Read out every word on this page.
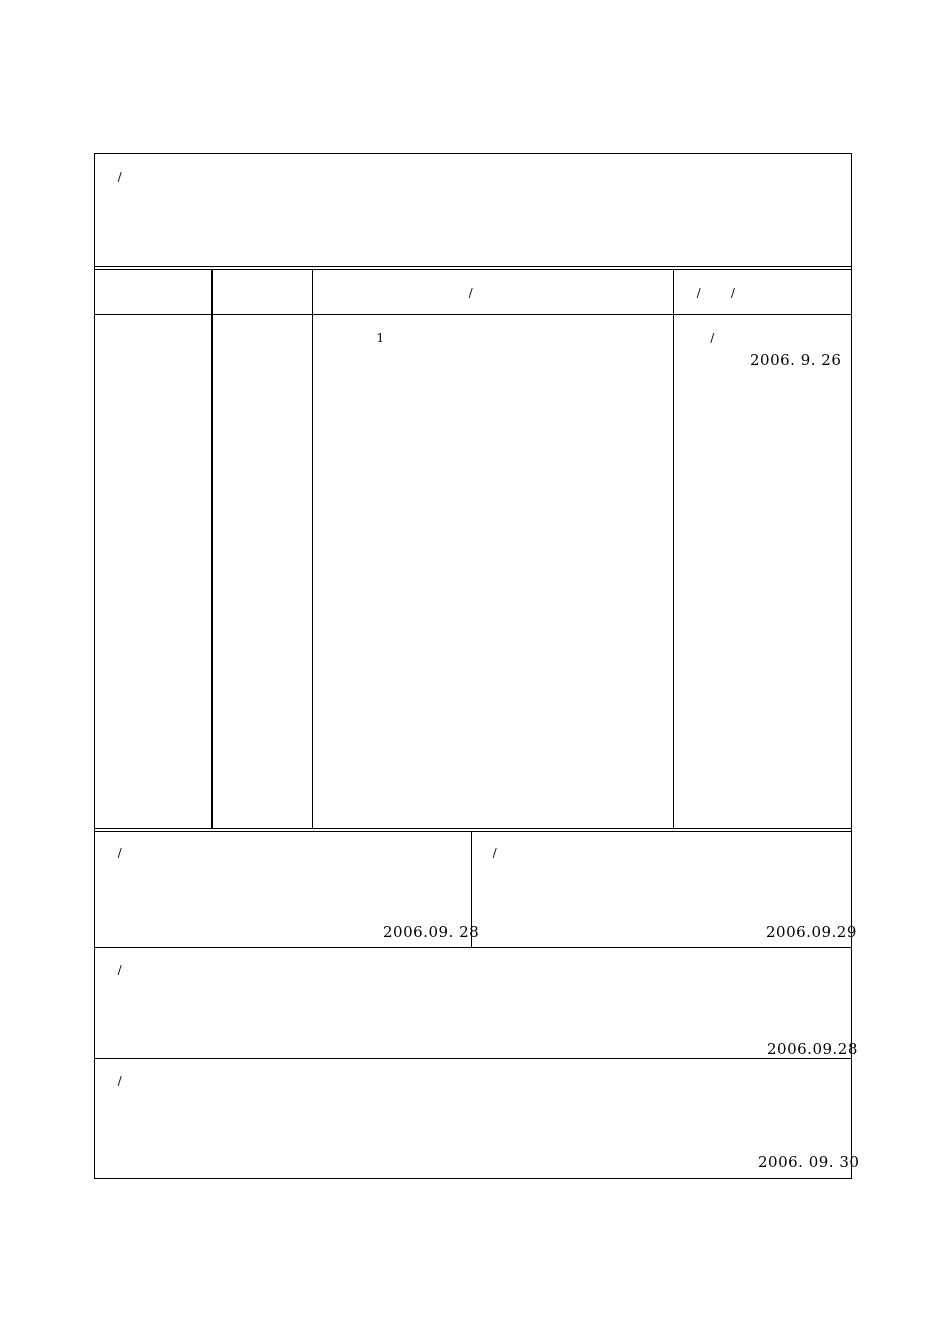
/
/	/    /
1	/
2006. 9. 26
/
2006.09. 28
/
2006.09.29
/
2006.09.28
/
2006. 09. 30
